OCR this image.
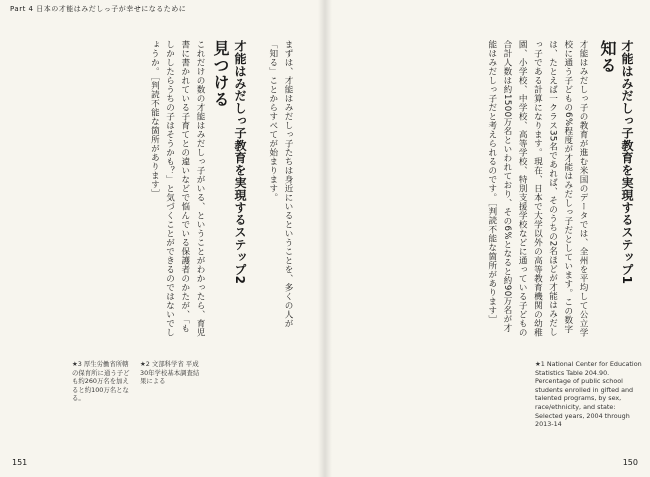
Part 4 日本の才能はみだしっ子が幸せになるために
まずは、才能はみだしっ子たちは身近にいるということを、多くの人が「知る」ことからすべてが始まります。
才能はみだしっ子教育を実現するステップ2
見つける
これだけの数の才能はみだしっ子がいる、ということがわかったら、育児書に書かれている子育てとの違いなどで悩んでいる保護者のかたが、「もしかしたらうちの子はそうかも？」と気づくことができるのではないでしょうか。［判読不能な箇所があります］
★3 厚生労働省所轄の保育所に通う子ども約260万名を加えると約100万名となる。
★2 文部科学省 平成30年学校基本調査結果による
151
才能はみだしっ子教育を実現するステップ1
知る
才能はみだしっ子の教育が進む米国のデータでは、全州を平均して公立学校に通う子どもの6%程度が才能はみだしっ子だとしています。この数字は、たとえば一クラス35名であれば、そのうちの2名ほどが才能はみだしっ子である計算になります。現在、日本で大学以外の高等教育機関の幼稚園、小学校、中学校、高等学校、特別支援学校などに通っている子どもの合計人数は約1500万名といわれており、その6%となると約90万名が才能はみだしっ子だと考えられるのです。［判読不能な箇所があります］
★1 National Center for Education Statistics Table 204.90. Percentage of public school students enrolled in gifted and talented programs, by sex, race/ethnicity, and state: Selected years, 2004 through 2013-14
150
